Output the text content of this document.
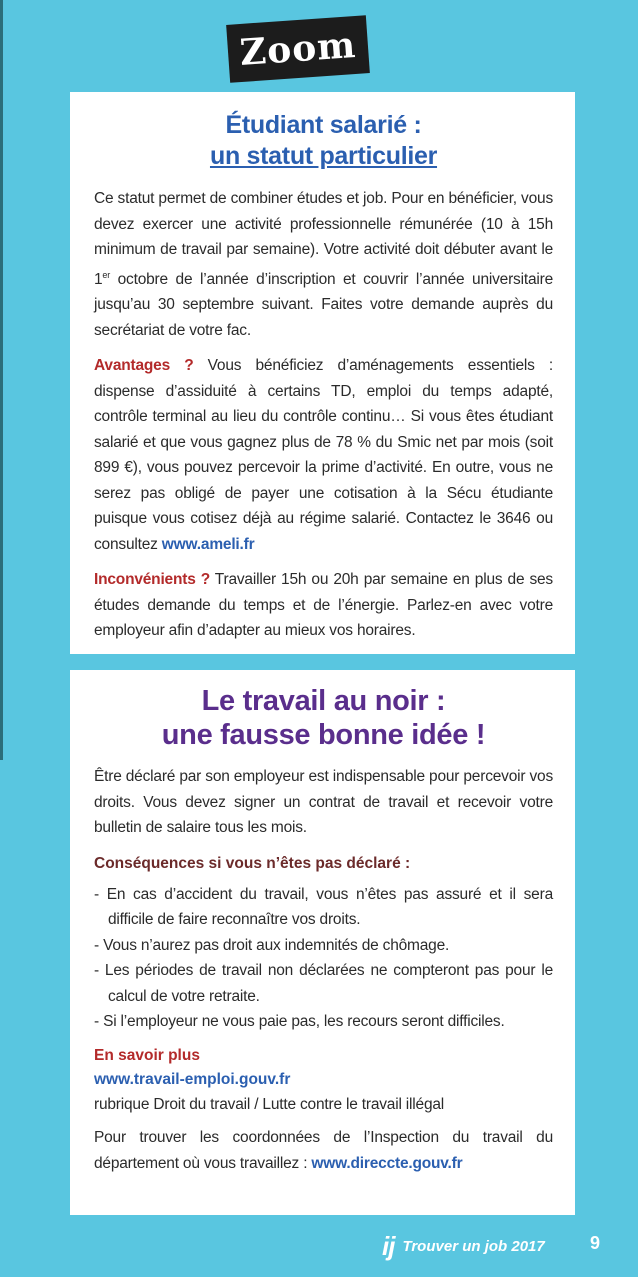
Zoom
Étudiant salarié :
un statut particulier

Ce statut permet de combiner études et job. Pour en bénéficier, vous devez exercer une activité professionnelle rémunérée (10 à 15h minimum de travail par semaine). Votre activité doit débuter avant le 1er octobre de l’année d’inscription et couvrir l’année universitaire jusqu’au 30 septembre suivant. Faites votre demande auprès du secrétariat de votre fac.

Avantages ? Vous bénéficiez d’aménagements essentiels : dispense d’assiduité à certains TD, emploi du temps adapté, contrôle terminal au lieu du contrôle continu… Si vous êtes étudiant salarié et que vous gagnez plus de 78 % du Smic net par mois (soit 899 €), vous pouvez percevoir la prime d’activité. En outre, vous ne serez pas obligé de payer une cotisation à la Sécu étudiante puisque vous cotisez déjà au régime salarié. Contactez le 3646 ou consultez www.ameli.fr

Inconvénients ? Travailler 15h ou 20h par semaine en plus de ses études demande du temps et de l’énergie. Parlez-en avec votre employeur afin d’adapter au mieux vos horaires.

Le travail au noir :
une fausse bonne idée !

Être déclaré par son employeur est indispensable pour percevoir vos droits. Vous devez signer un contrat de travail et recevoir votre bulletin de salaire tous les mois.

Conséquences si vous n’êtes pas déclaré :
- En cas d’accident du travail, vous n’êtes pas assuré et il sera difficile de faire reconnaître vos droits.
- Vous n’aurez pas droit aux indemnités de chômage.
- Les périodes de travail non déclarées ne compteront pas pour le calcul de votre retraite.
- Si l’employeur ne vous paie pas, les recours seront difficiles.
En savoir plus
www.travail-emploi.gouv.fr

rubrique Droit du travail / Lutte contre le travail illégal

Pour trouver les coordonnées de l’Inspection du travail du département où vous travaillez : www.direccte.gouv.fr

ij Trouver un job 2017	9
